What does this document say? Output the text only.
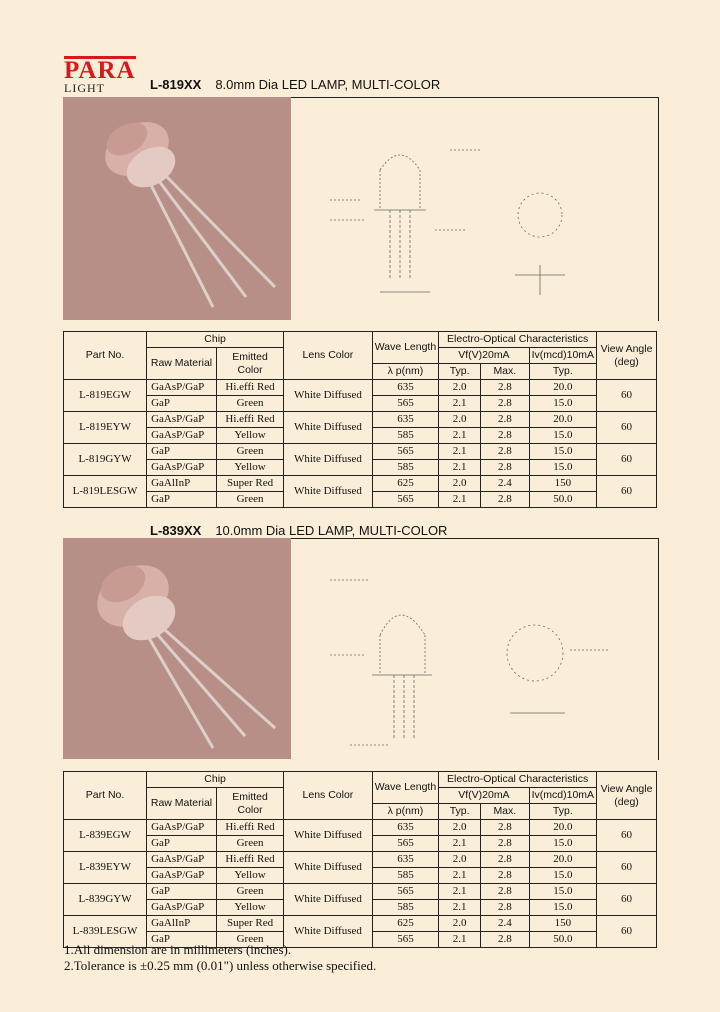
PARA
LIGHT	L-819XX 8.0mm Dia LED LAMP, MULTI-COLOR
Part No.	Chip		Lens Color	Wave Length	Electro-Optical Characteristics			View Angle (deg)
	Raw Material	Emitted Color			Vf(V)20mA		Iv(mcd)10mA	
				λ p(nm)	Typ.	Max.	Typ.	
L-819EGW	GaAsP/GaP	Hi.effi Red	White Diffused	635	2.0	2.8	20.0	60
	GaP	Green		565	2.1	2.8	15.0	
L-819EYW	GaAsP/GaP	Hi.effi Red	White Diffused	635	2.0	2.8	20.0	60
	GaAsP/GaP	Yellow		585	2.1	2.8	15.0	
L-819GYW	GaP	Green	White Diffused	565	2.1	2.8	15.0	60
	GaAsP/GaP	Yellow		585	2.1	2.8	15.0	
L-819LESGW	GaAlInP	Super Red	White Diffused	625	2.0	2.4	150	60
	GaP	Green		565	2.1	2.8	50.0	
L-839XX 10.0mm Dia LED LAMP, MULTI-COLOR
Part No.	Chip		Lens Color	Wave Length	Electro-Optical Characteristics			View Angle (deg)
	Raw Material	Emitted Color			Vf(V)20mA		Iv(mcd)10mA	
				λ p(nm)	Typ.	Max.	Typ.	
L-839EGW	GaAsP/GaP	Hi.effi Red	White Diffused	635	2.0	2.8	20.0	60
	GaP	Green		565	2.1	2.8	15.0	
L-839EYW	GaAsP/GaP	Hi.effi Red	White Diffused	635	2.0	2.8	20.0	60
	GaAsP/GaP	Yellow		585	2.1	2.8	15.0	
L-839GYW	GaP	Green	White Diffused	565	2.1	2.8	15.0	60
	GaAsP/GaP	Yellow		585	2.1	2.8	15.0	
L-839LESGW	GaAlInP	Super Red	White Diffused	625	2.0	2.4	150	60
	GaP	Green		565	2.1	2.8	50.0	
1.All dimension are in millimeters (inches).
2.Tolerance is ±0.25 mm (0.01") unless otherwise specified.
